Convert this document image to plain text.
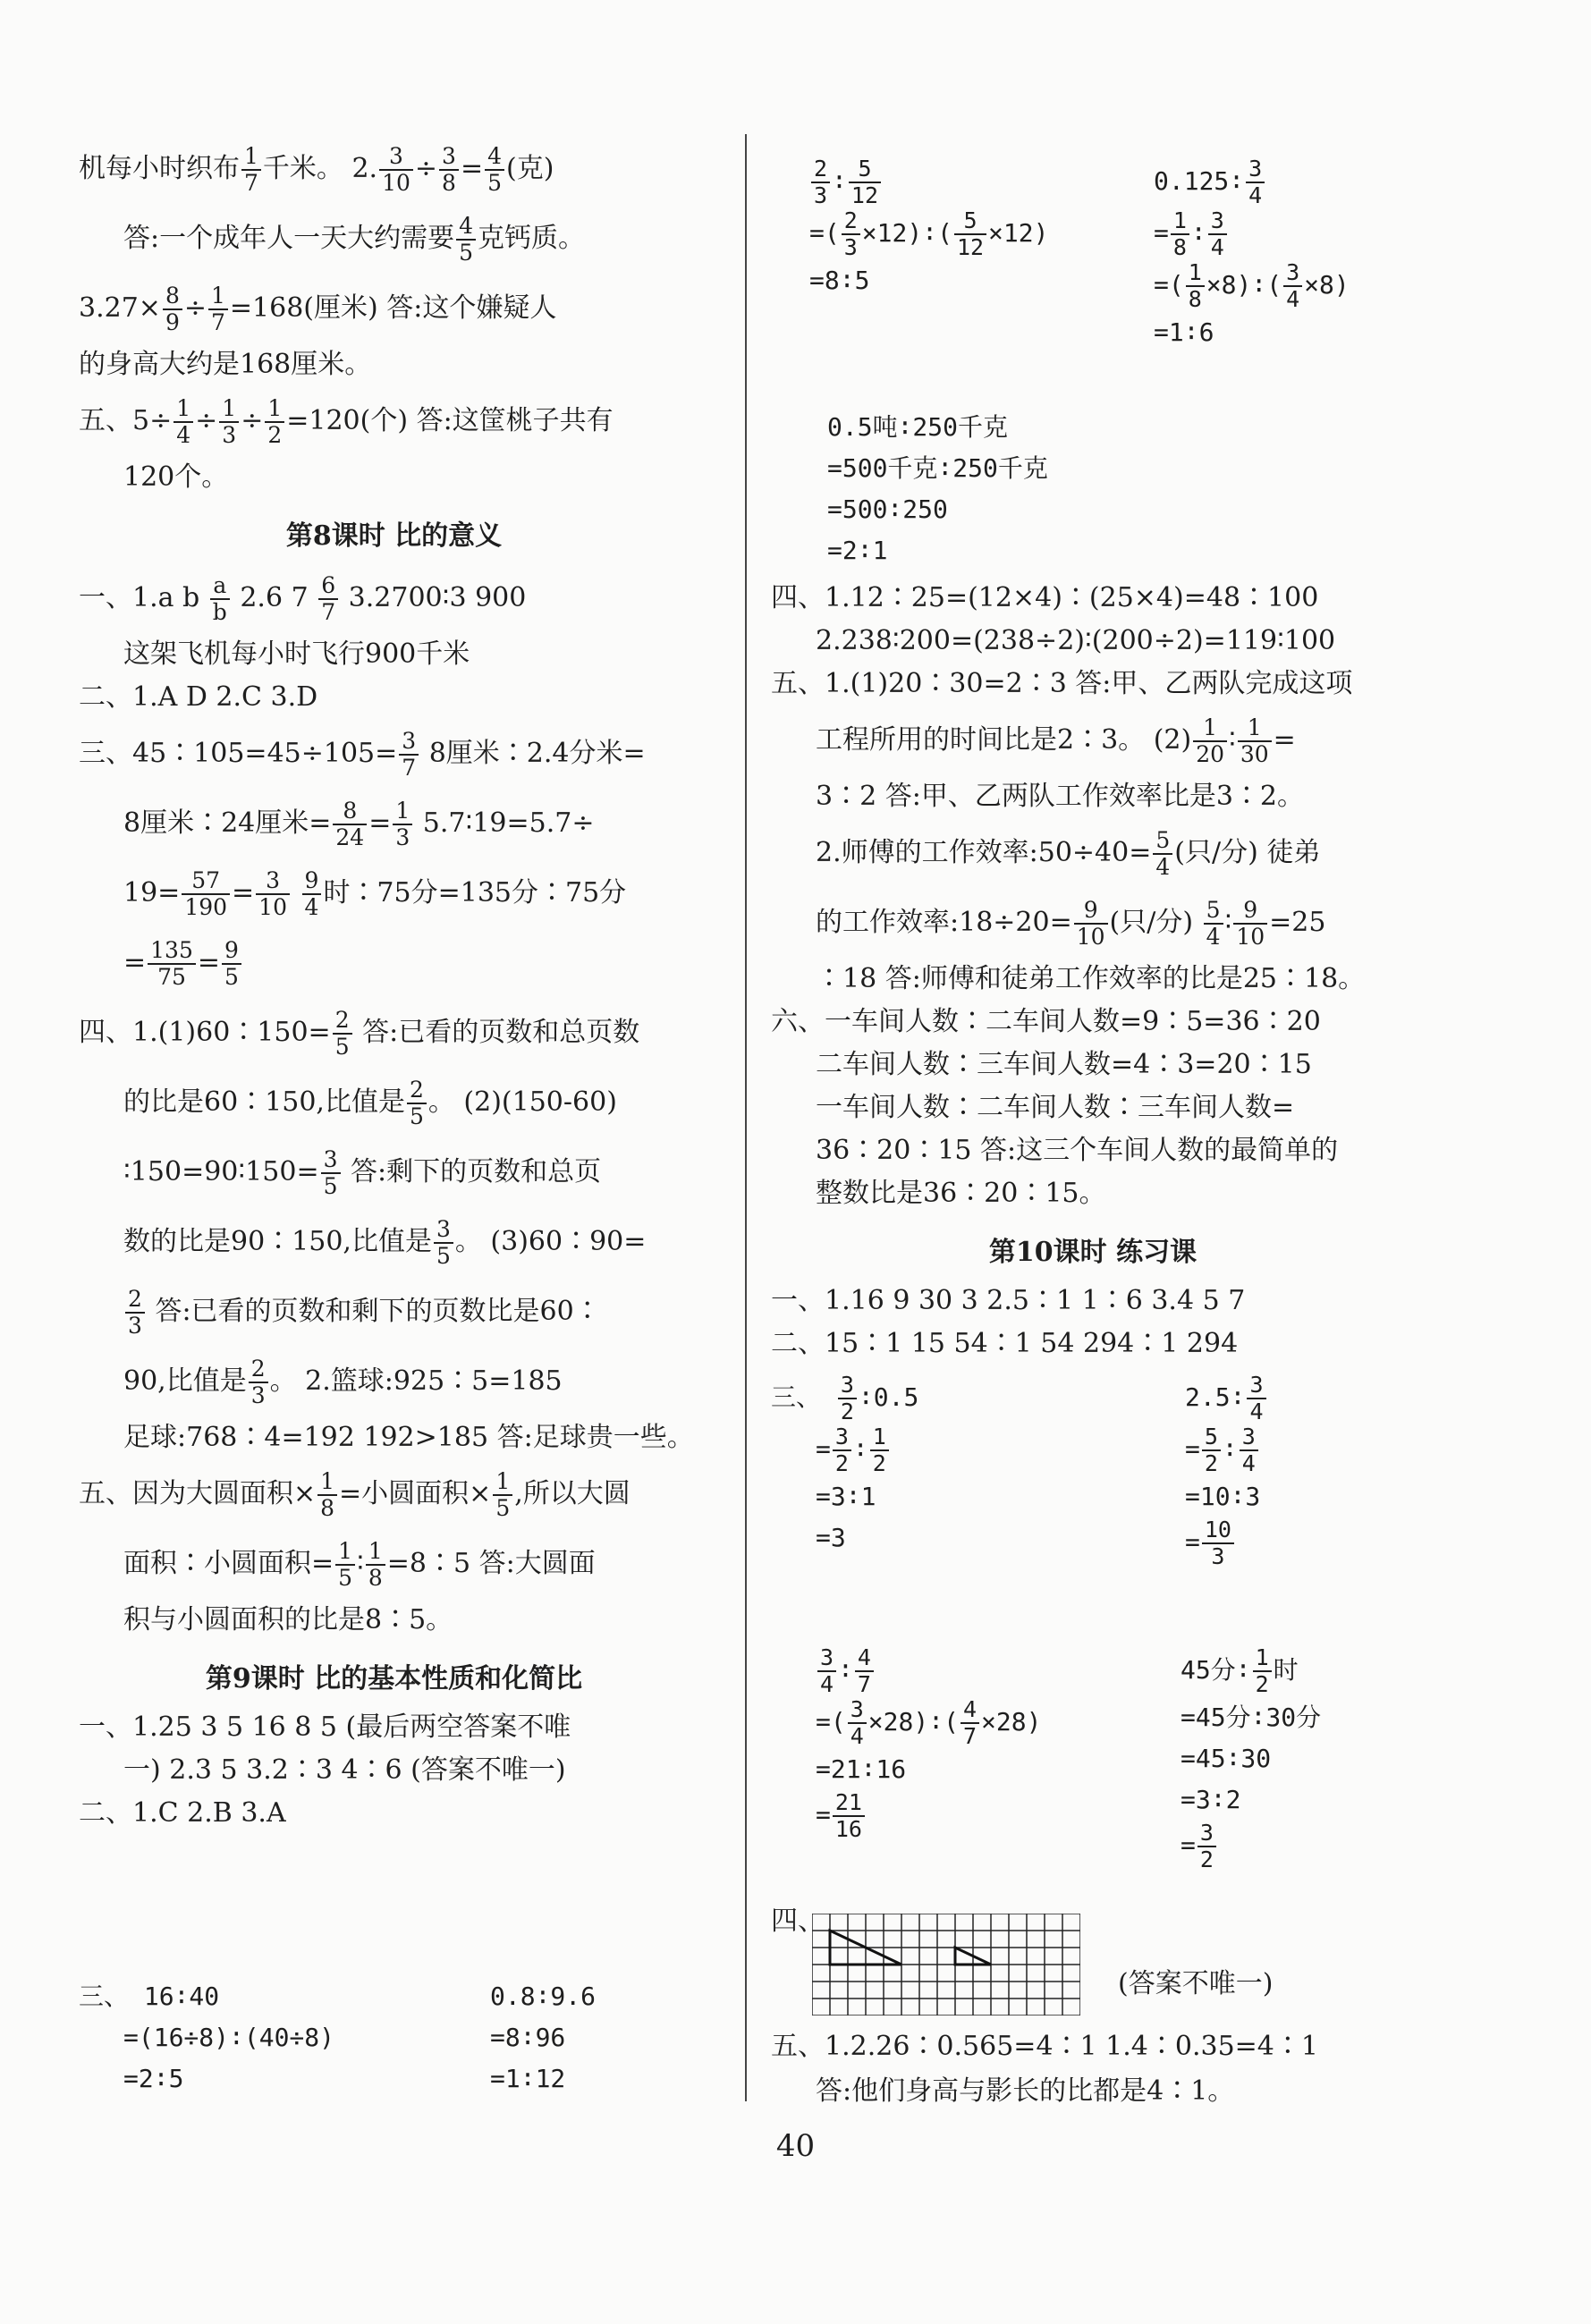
机每小时织布 $\frac{1}{7}$ 千米。 2. $\frac{3}{10} \div \frac{3}{8} = \frac{4}{5}$ (克)
答:一个成年人一天大约需要 $\frac{4}{5}$ 克钙质。
$3.27\times \frac{8}{9} \div \frac{1}{7} =168$(厘米) 答:这个嫌疑人
的身高大约是168厘米。
五、$5\div \frac{1}{4} \div \frac{1}{3} \div \frac{1}{2} =120$(个) 答:这筐桃子共有
120个。
第8课时 比的意义
一、1.a b $\frac{a}{b} 2.6$ $7 \frac{6}{7}$ 3.2700∶3 900
这架飞机每小时飞行900千米
二、1.A D 2.C 3.D
三、45∶105=45÷105= $\frac{3}{7} 8$厘米∶2.4分米=
8厘米∶24厘米= $\frac{8}{24} = \frac{1}{3}$ 5.7∶19=5.7÷
$19= \frac{57}{190} = \frac{3}{10}$
$\frac{9}{4}$ 时∶75分=135分∶75分
= $\frac{135}{75} = \frac{9}{5}$
四、1.(1)60∶150= $\frac{2}{5}$ 答:已看的页数和总页数
的比是60∶150,比值是 $\frac{2}{5}$ 。 (2)(150-60)
∶150=90∶150= $\frac{3}{5}$ 答:剩下的页数和总页
数的比是90∶150,比值是 $\frac{3}{5}$ 。 (3)60∶90=
$\frac{2}{3}$ 答:已看的页数和剩下的页数比是60∶
90,比值是 $\frac{2}{3}$ 。 2.篮球:925∶5=185
足球:768∶4=192 192>185 答:足球贵一些。
五、因为大圆面积× $\frac{1}{8}$ =小圆面积× $\frac{1}{5}$ ,所以大圆
面积∶小圆面积= $\frac{1}{5}$ ∶ $\frac{1}{8}$ =8∶5 答:大圆面
积与小圆面积的比是8∶5。
第9课时 比的基本性质和化简比
一、1.25 3 5 16 8 5 (最后两空答案不唯
一) 2.3 5 3.2∶3 4∶6 (答案不唯一)
二、1.C 2.B 3.A
三、 16∶40
=(16÷8)∶(40÷8)
=2∶5
0.8∶9.6
=8∶96
=1∶12
$\frac{2}{3}$ ∶ $\frac{5}{12}$
=( $\frac{2}{3}$ ×12)∶( $\frac{5}{12} \times 12$)
=8∶5
0.125∶ $\frac{3}{4}$
= $\frac{1}{8}$ ∶ $\frac{3}{4}$
=( $\frac{1}{8}$ ×8)∶( $\frac{3}{4} \times 8$)
=1∶6
0.5吨∶250千克
=500千克∶250千克
=500∶250
=2∶1
四、1.12∶25=(12×4)∶(25×4)=48∶100
2.238∶200=(238÷2)∶(200÷2)=119∶100
五、1.(1)20∶30=2∶3 答:甲、乙两队完成这项
工程所用的时间比是2∶3。 $(2) \frac{1}{20}$ ∶ $\frac{1}{30}$ =
3∶2 答:甲、乙两队工作效率比是3∶2。
2.师傅的工作效率:50÷40= $\frac{5}{4}$ (只/分) 徒弟
的工作效率:18÷20= $\frac{9}{10}$ (只/分) $\frac{5}{4}$ ∶ $\frac{9}{10} =25$
∶18 答:师傅和徒弟工作效率的比是25∶18。
六、一车间人数∶二车间人数=9∶5=36∶20
二车间人数∶三车间人数=4∶3=20∶15
一车间人数∶二车间人数∶三车间人数=
36∶20∶15 答:这三个车间人数的最简单的
整数比是36∶20∶15。
第10课时 练习课
一、1.16 9 30 3 2.5∶1 1∶6 3.4 5 7
二、15∶1 15 54∶1 54 294∶1 294
三、 $\frac{3}{2}$ ∶0.5
= $\frac{3}{2}$ ∶ $\frac{1}{2}$
=3∶1
=3
2.5∶ $\frac{3}{4}$
= $\frac{5}{2}$ ∶ $\frac{3}{4}$
=10∶3
= $\frac{10}{3}$
$\frac{3}{4}$ ∶ $\frac{4}{7}$
=( $\frac{3}{4}$ ×28)∶( $\frac{4}{7} \times 28$)
=21∶16
= $\frac{21}{16}$
45分∶ $\frac{1}{2}$ 时
=45分∶30分
=45∶30
=3∶2
= $\frac{3}{2}$
四、
(答案不唯一)
五、1.2.26∶0.565=4∶1 1.4∶0.35=4∶1
答:他们身高与影长的比都是4∶1。
40
